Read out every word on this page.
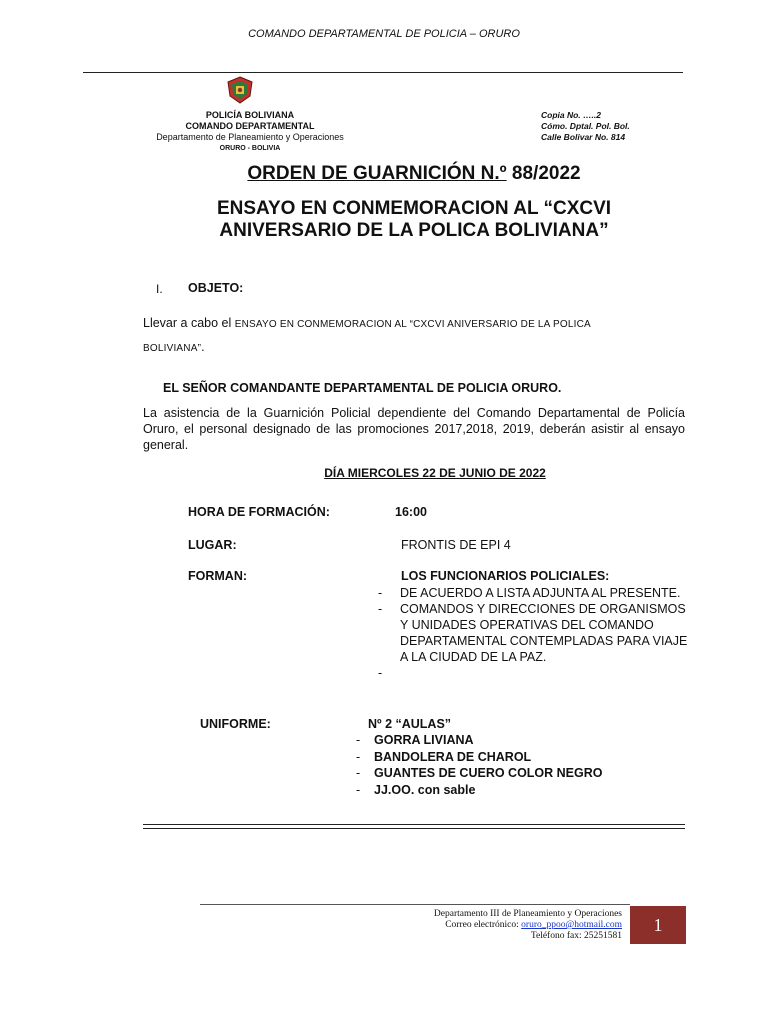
COMANDO DEPARTAMENTAL DE POLICIA – ORURO
POLICÍA BOLIVIANA
COMANDO DEPARTAMENTAL
Departamento de Planeamiento y Operaciones
ORURO - BOLIVIA
Copia No. …..2
Cómo. Dptal. Pol. Bol.
Calle Bolivar No. 814
ORDEN DE GUARNICIÓN N.º 88/2022
ENSAYO EN CONMEMORACION AL “CXCVI
ANIVERSARIO DE LA POLICA BOLIVIANA”
I. OBJETO:
Llevar a cabo el ENSAYO EN CONMEMORACION AL “CXCVI ANIVERSARIO DE LA POLICA
BOLIVIANA”.
EL SEÑOR COMANDANTE DEPARTAMENTAL DE POLICIA ORURO.
La asistencia de la Guarnición Policial dependiente del Comando Departamental de Policía Oruro, el personal designado de las promociones 2017,2018, 2019, deberán asistir al ensayo general.
DÍA MIERCOLES 22 DE JUNIO DE 2022
HORA DE FORMACIÓN:	16:00
LUGAR:	FRONTIS DE EPI 4
FORMAN:	LOS FUNCIONARIOS POLICIALES:
- DE ACUERDO A LISTA ADJUNTA AL PRESENTE.
- COMANDOS Y DIRECCIONES DE ORGANISMOS Y UNIDADES OPERATIVAS DEL COMANDO DEPARTAMENTAL CONTEMPLADAS PARA VIAJE A LA CIUDAD DE LA PAZ.
-
UNIFORME:	Nº 2 “AULAS”
- GORRA LIVIANA
- BANDOLERA DE CHAROL
- GUANTES DE CUERO COLOR NEGRO
- JJ.OO. con sable
Departamento III de Planeamiento y Operaciones
Correo electrónico: oruro_ppoo@hotmail.com
Teléfono fax: 25251581
1
